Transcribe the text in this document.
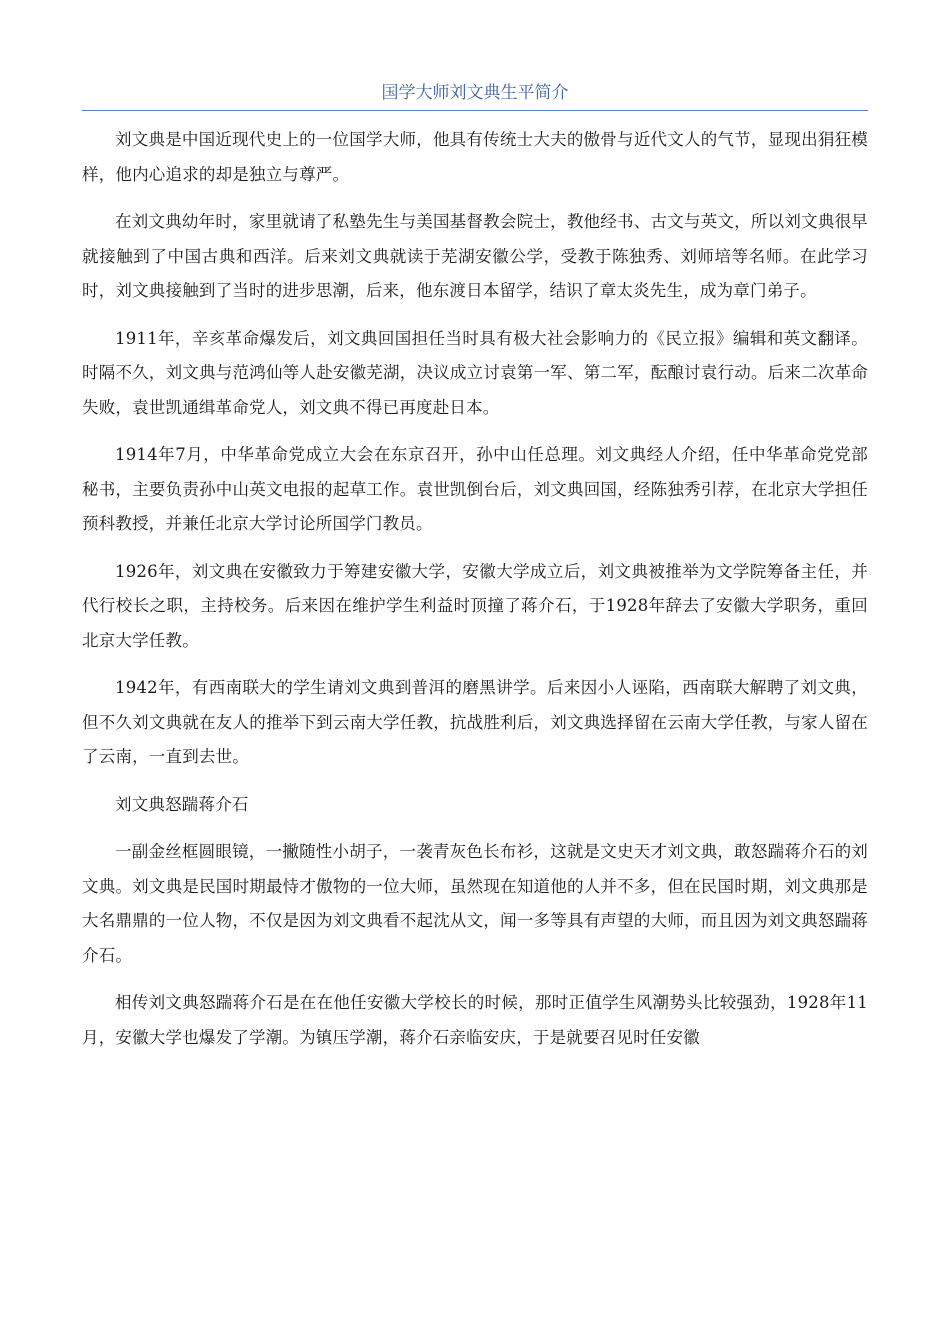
国学大师刘文典生平简介

刘文典是中国近现代史上的一位国学大师，他具有传统士大夫的傲骨与近代文人的气节，显现出狷狂模样，他内心追求的却是独立与尊严。

在刘文典幼年时，家里就请了私塾先生与美国基督教会院士，教他经书、古文与英文，所以刘文典很早就接触到了中国古典和西洋。后来刘文典就读于芜湖安徽公学，受教于陈独秀、刘师培等名师。在此学习时，刘文典接触到了当时的进步思潮，后来，他东渡日本留学，结识了章太炎先生，成为章门弟子。

1911年，辛亥革命爆发后，刘文典回国担任当时具有极大社会影响力的《民立报》编辑和英文翻译。时隔不久，刘文典与范鸿仙等人赴安徽芜湖，决议成立讨袁第一军、第二军，酝酿讨袁行动。后来二次革命失败，袁世凯通缉革命党人，刘文典不得已再度赴日本。

1914年7月，中华革命党成立大会在东京召开，孙中山任总理。刘文典经人介绍，任中华革命党党部秘书，主要负责孙中山英文电报的起草工作。袁世凯倒台后，刘文典回国，经陈独秀引荐，在北京大学担任预科教授，并兼任北京大学讨论所国学门教员。

1926年，刘文典在安徽致力于筹建安徽大学，安徽大学成立后，刘文典被推举为文学院筹备主任，并代行校长之职，主持校务。后来因在维护学生利益时顶撞了蒋介石，于1928年辞去了安徽大学职务，重回北京大学任教。

1942年，有西南联大的学生请刘文典到普洱的磨黑讲学。后来因小人诬陷，西南联大解聘了刘文典，但不久刘文典就在友人的推举下到云南大学任教，抗战胜利后，刘文典选择留在云南大学任教，与家人留在了云南，一直到去世。

刘文典怒踹蒋介石

一副金丝框圆眼镜，一撇随性小胡子，一袭青灰色长布衫，这就是文史天才刘文典，敢怒踹蒋介石的刘文典。刘文典是民国时期最恃才傲物的一位大师，虽然现在知道他的人并不多，但在民国时期，刘文典那是大名鼎鼎的一位人物，不仅是因为刘文典看不起沈从文，闻一多等具有声望的大师，而且因为刘文典怒踹蒋介石。

相传刘文典怒踹蒋介石是在在他任安徽大学校长的时候，那时正值学生风潮势头比较强劲，1928年11月，安徽大学也爆发了学潮。为镇压学潮，蒋介石亲临安庆，于是就要召见时任安徽
